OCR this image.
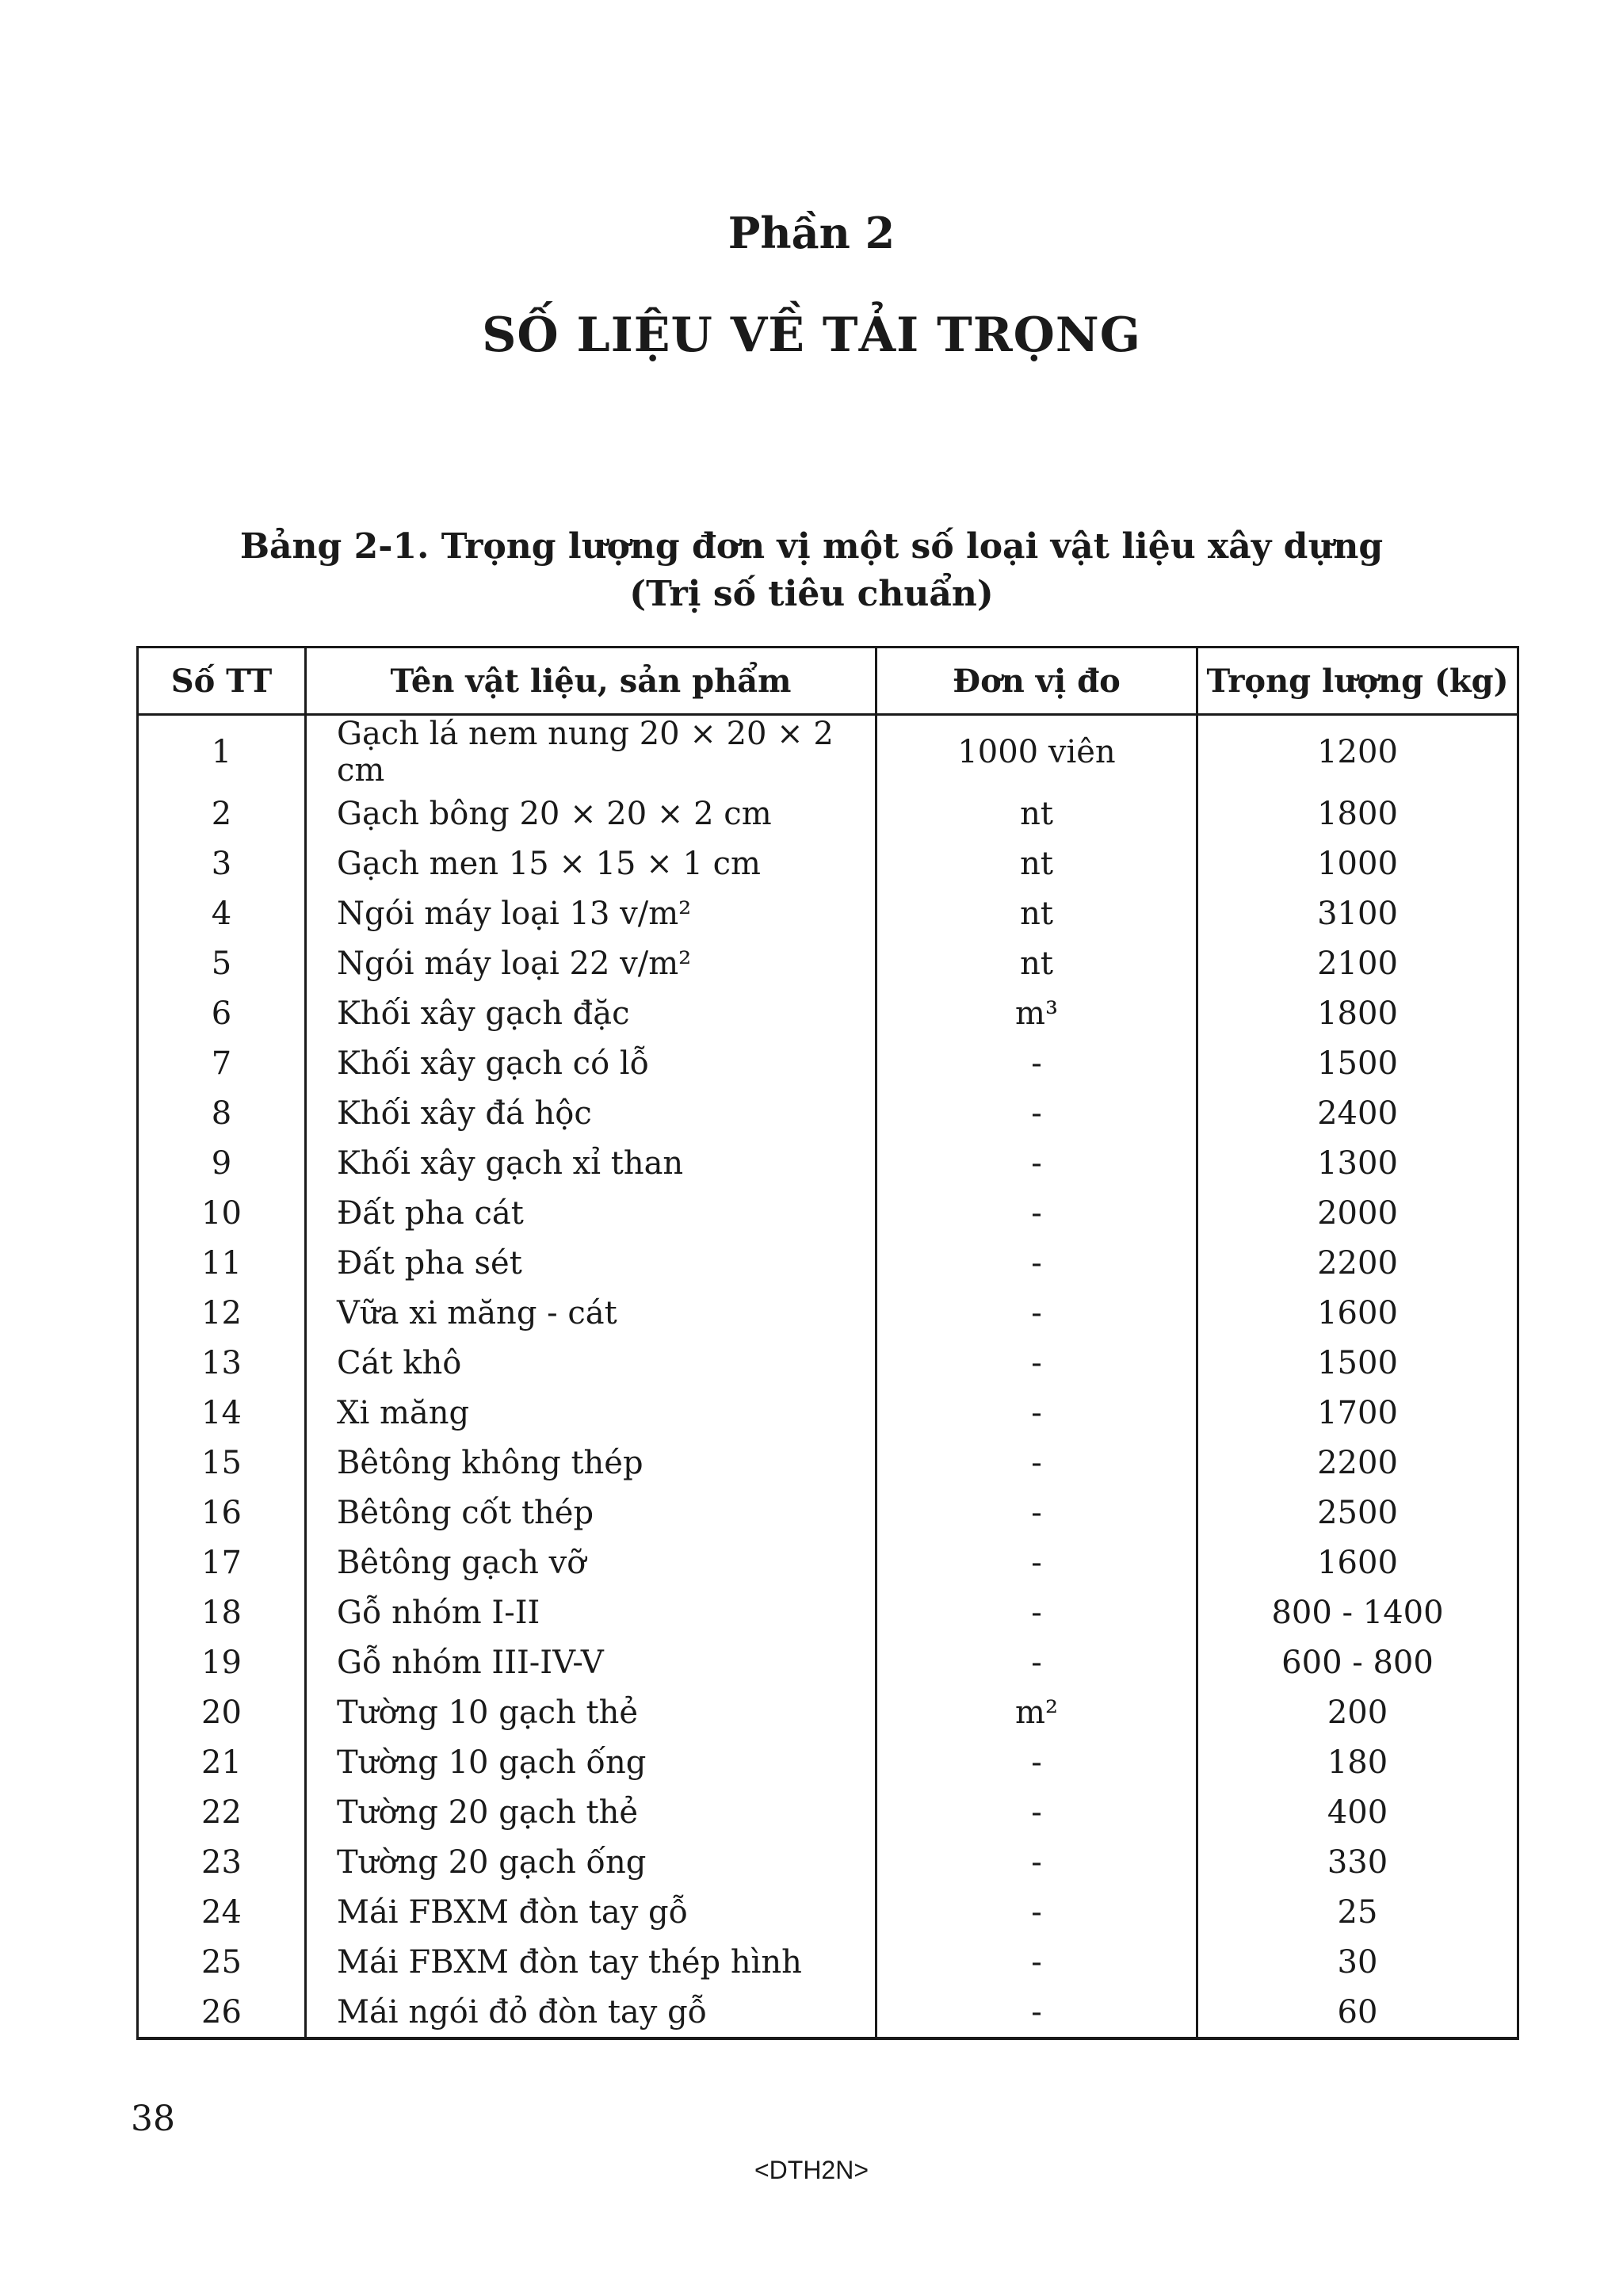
Phần 2
SỐ LIỆU VỀ TẢI TRỌNG
Bảng 2-1. Trọng lượng đơn vị một số loại vật liệu xây dựng
(Trị số tiêu chuẩn)
Số TT	Tên vật liệu, sản phẩm	Đơn vị đo	Trọng lượng (kg)
1	Gạch lá nem nung 20 × 20 × 2 cm	1000 viên	1200
2	Gạch bông 20 × 20 × 2 cm	nt	1800
3	Gạch men 15 × 15 × 1 cm	nt	1000
4	Ngói máy loại 13 v/m²	nt	3100
5	Ngói máy loại 22 v/m²	nt	2100
6	Khối xây gạch đặc	m³	1800
7	Khối xây gạch có lỗ	-	1500
8	Khối xây đá hộc	-	2400
9	Khối xây gạch xỉ than	-	1300
10	Đất pha cát	-	2000
11	Đất pha sét	-	2200
12	Vữa xi măng - cát	-	1600
13	Cát khô	-	1500
14	Xi măng	-	1700
15	Bêtông không thép	-	2200
16	Bêtông cốt thép	-	2500
17	Bêtông gạch vỡ	-	1600
18	Gỗ nhóm I-II	-	800 - 1400
19	Gỗ nhóm III-IV-V	-	600 - 800
20	Tường 10 gạch thẻ	m²	200
21	Tường 10 gạch ống	-	180
22	Tường 20 gạch thẻ	-	400
23	Tường 20 gạch ống	-	330
24	Mái FBXM đòn tay gỗ	-	25
25	Mái FBXM đòn tay thép hình	-	30
26	Mái ngói đỏ đòn tay gỗ	-	60

38

<DTH2N>
